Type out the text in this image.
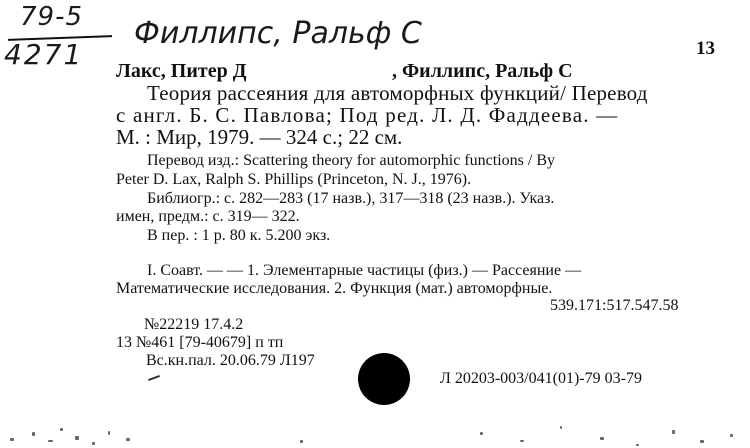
79-5
4271
Филлипс, Ральф С	13
Лакс, Питер Д	, Филлипс, Ральф С
Теория рассеяния для автоморфных функций/ Перевод
с англ. Б. С. Павлова; Под ред. Л. Д. Фаддеева. —
М. : Мир, 1979. — 324 с.; 22 см.
Перевод изд.: Scattering theory for automorphic functions / By
Peter D. Lax, Ralph S. Phillips (Princeton, N. J., 1976).
Библиогр.: с. 282—283 (17 назв.), 317—318 (23 назв.). Указ.
имен, предм.: с. 319— 322.
В пер. : 1 р. 80 к. 5.200 экз.
I. Соавт. — — 1. Элементарные частицы (физ.) — Рассеяние —
Математические исследования. 2. Функция (мат.) автоморфные.
539.171:517.547.58
№22219 17.4.2
13 №461 [79-40679] п тп
Вс.кн.пал. 20.06.79 Л197
Л 20203-003/041(01)-79 03-79
